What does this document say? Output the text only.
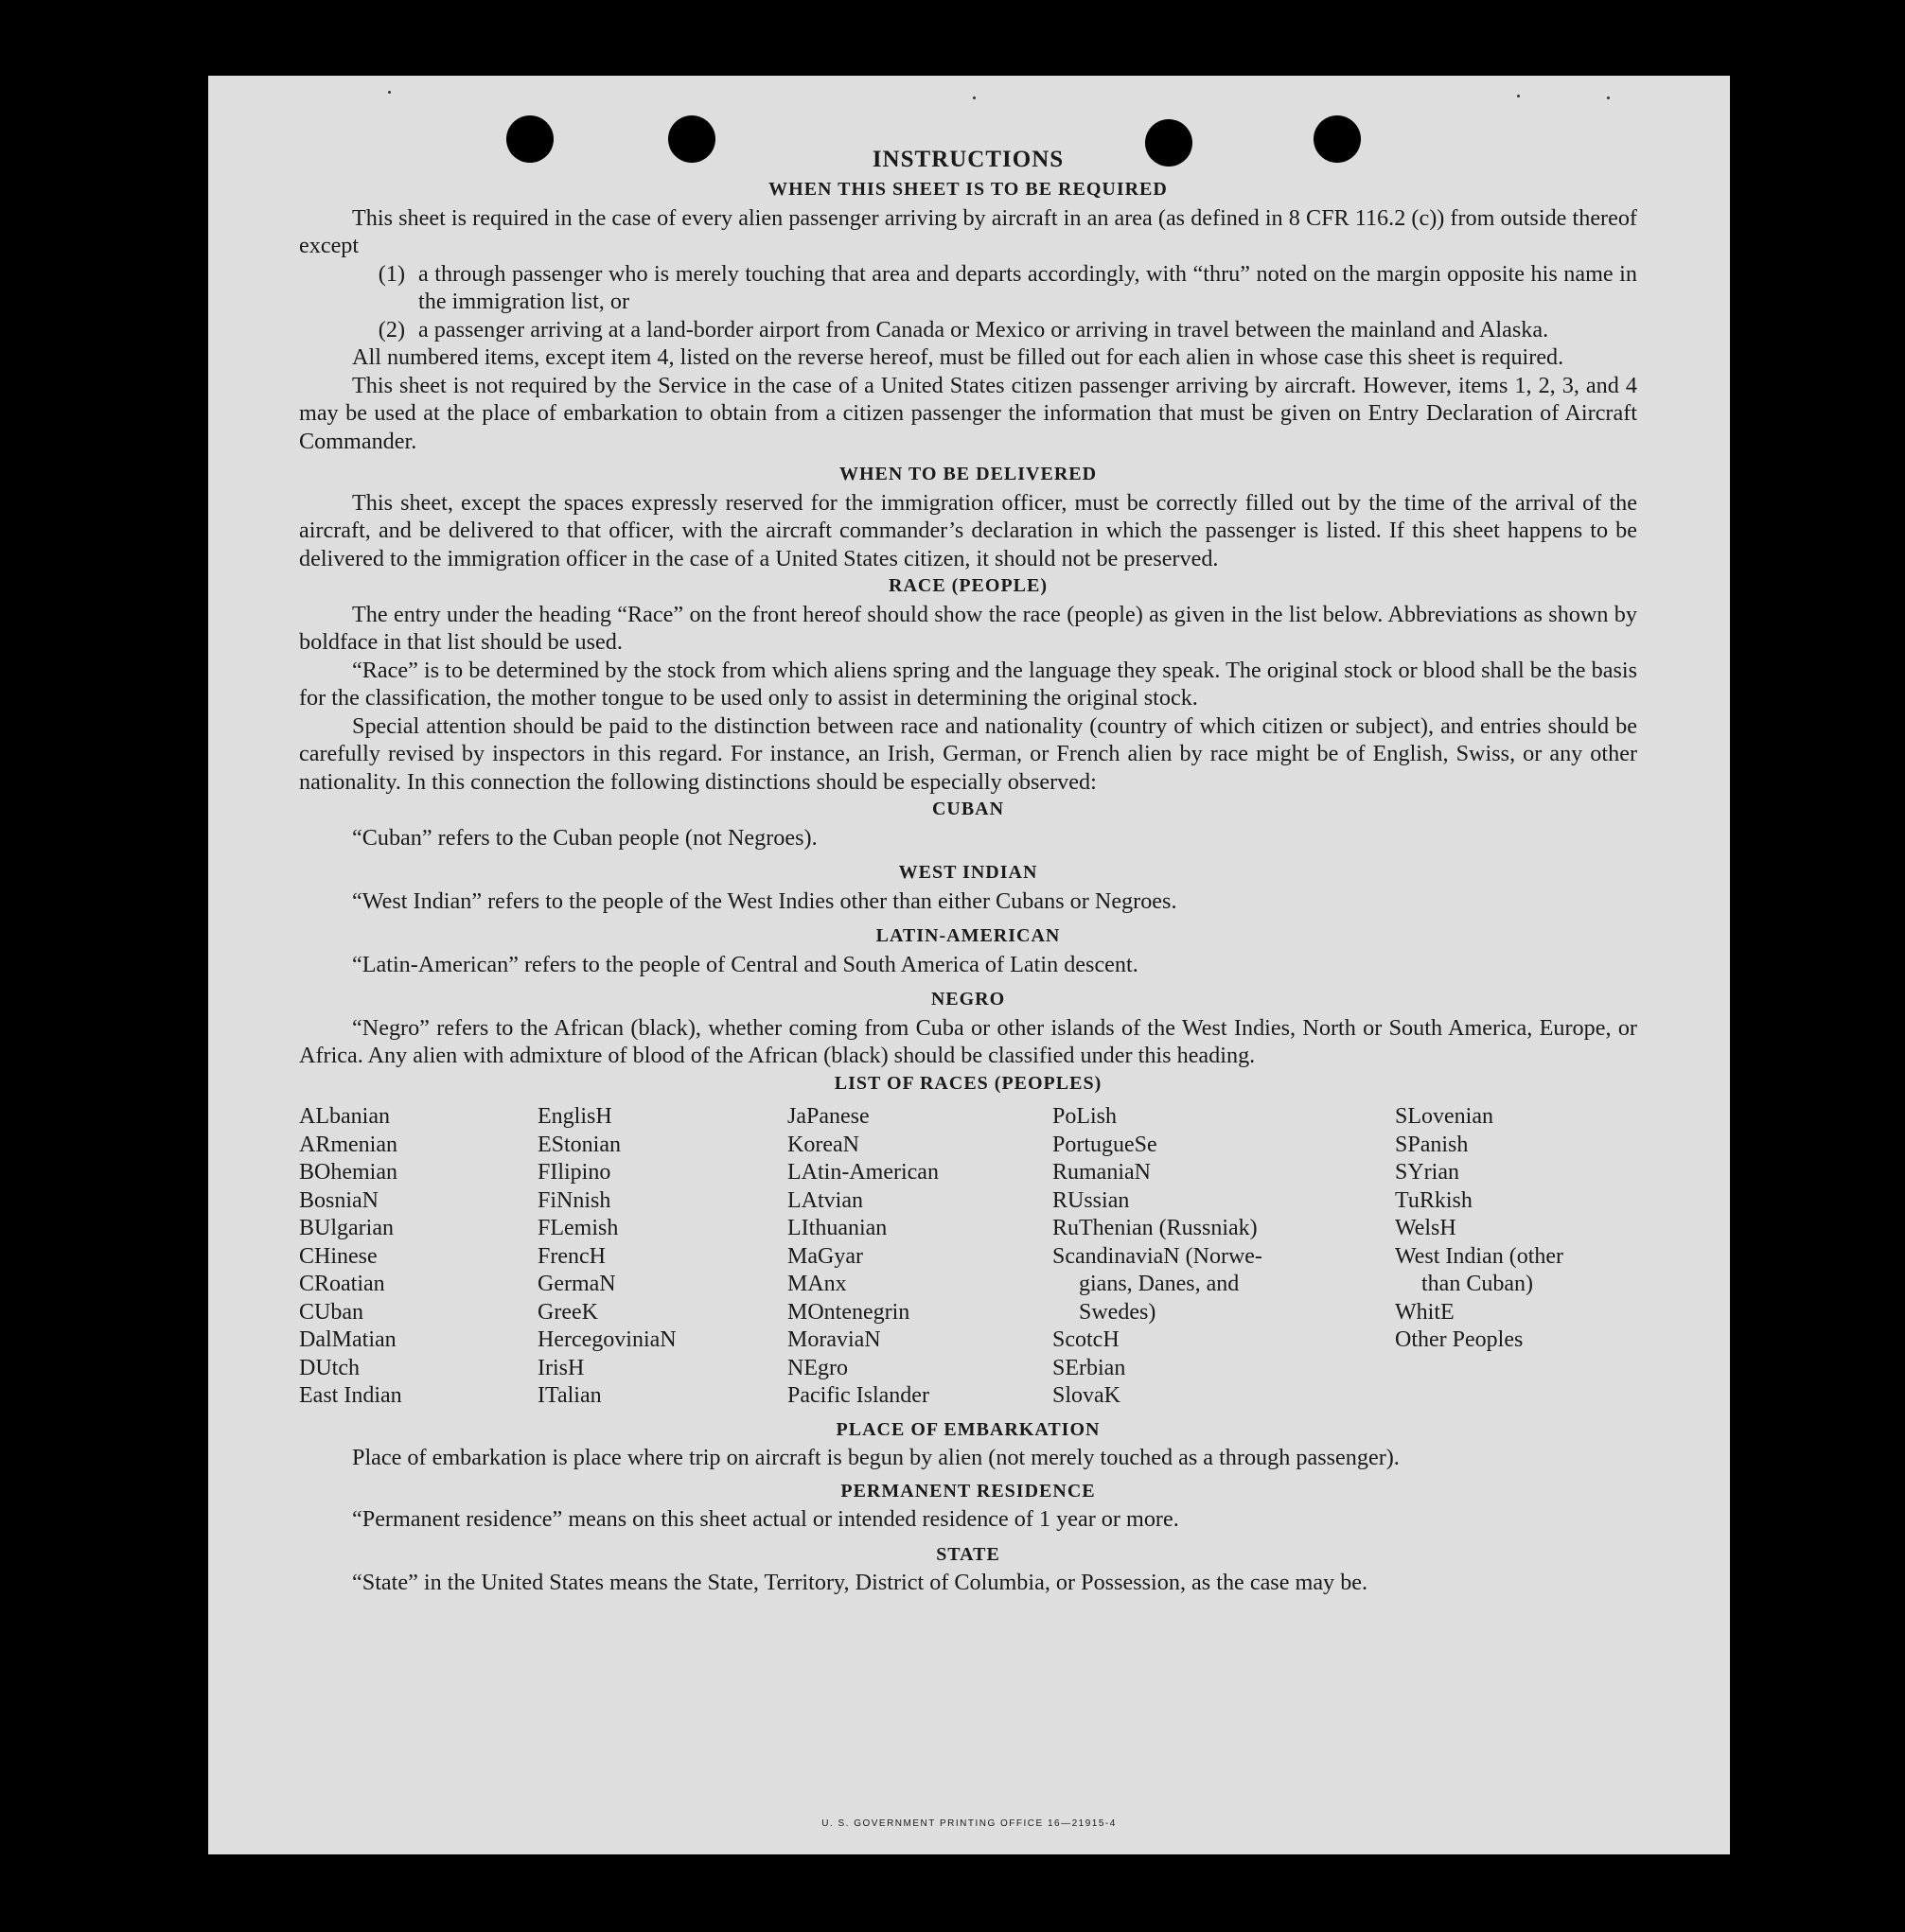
INSTRUCTIONS
WHEN THIS SHEET IS TO BE REQUIRED

This sheet is required in the case of every alien passenger arriving by aircraft in an area (as defined in 8 CFR 116.2 (c)) from outside thereof except

(1) a through passenger who is merely touching that area and departs accordingly, with “thru” noted on the margin opposite his name in the immigration list, or
(2) a passenger arriving at a land-border airport from Canada or Mexico or arriving in travel between the mainland and Alaska.

All numbered items, except item 4, listed on the reverse hereof, must be filled out for each alien in whose case this sheet is required.

This sheet is not required by the Service in the case of a United States citizen passenger arriving by aircraft. However, items 1, 2, 3, and 4 may be used at the place of embarkation to obtain from a citizen passenger the information that must be given on Entry Declaration of Aircraft Commander.

WHEN TO BE DELIVERED

This sheet, except the spaces expressly reserved for the immigration officer, must be correctly filled out by the time of the arrival of the aircraft, and be delivered to that officer, with the aircraft commander’s declaration in which the passenger is listed. If this sheet happens to be delivered to the immigration officer in the case of a United States citizen, it should not be preserved.

RACE (PEOPLE)

The entry under the heading “Race” on the front hereof should show the race (people) as given in the list below. Abbreviations as shown by boldface in that list should be used.

“Race” is to be determined by the stock from which aliens spring and the language they speak. The original stock or blood shall be the basis for the classification, the mother tongue to be used only to assist in determining the original stock.

Special attention should be paid to the distinction between race and nationality (country of which citizen or subject), and entries should be carefully revised by inspectors in this regard. For instance, an Irish, German, or French alien by race might be of English, Swiss, or any other nationality. In this connection the following distinctions should be especially observed:

CUBAN

“Cuban” refers to the Cuban people (not Negroes).

WEST INDIAN

“West Indian” refers to the people of the West Indies other than either Cubans or Negroes.

LATIN-AMERICAN

“Latin-American” refers to the people of Central and South America of Latin descent.

NEGRO

“Negro” refers to the African (black), whether coming from Cuba or other islands of the West Indies, North or South America, Europe, or Africa. Any alien with admixture of blood of the African (black) should be classified under this heading.

LIST OF RACES (PEOPLES)
ALbanian
ARmenian
BOhemian
BosniaN
BUlgarian
CHinese
CRoatian
CUban
DalMatian
DUtch
East Indian
EnglisH
EStonian
FIlipino
FiNnish
FLemish
FrencH
GermaN
GreeK
HercegoviniaN
IrisH
ITalian
JaPanese
KoreaN
LAtin-American
LAtvian
LIthuanian
MaGyar
MAnx
MOntenegrin
MoraviaN
NEgro
Pacific Islander
PoLish
PortugueSe
RumaniaN
RUssian
RuThenian (Russniak)
ScandinaviaN (Norwe-
gians, Danes, and
Swedes)
ScotcH
SErbian
SlovaK
SLovenian
SPanish
SYrian
TuRkish
WelsH
West Indian (other
than Cuban)
WhitE
Other Peoples
PLACE OF EMBARKATION

Place of embarkation is place where trip on aircraft is begun by alien (not merely touched as a through passenger).

PERMANENT RESIDENCE

“Permanent residence” means on this sheet actual or intended residence of 1 year or more.

STATE

“State” in the United States means the State, Territory, District of Columbia, or Possession, as the case may be.

U. S. GOVERNMENT PRINTING OFFICE 16—21915-4
